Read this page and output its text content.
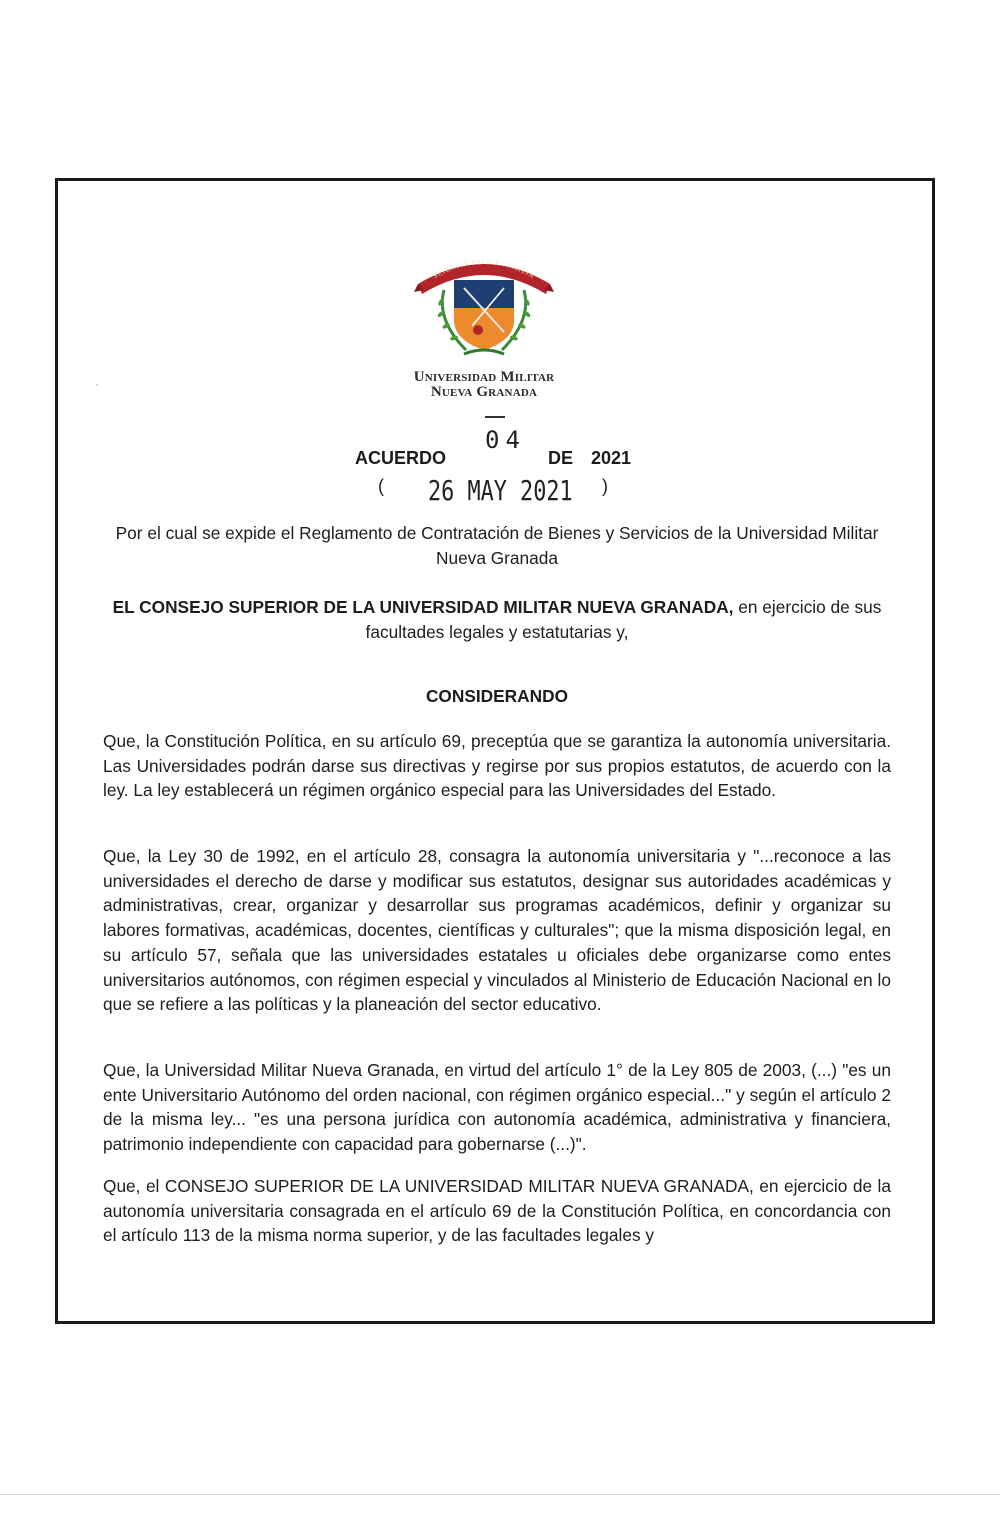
SCIENTIA PATRIA FAMILIA
Universidad Militar
Nueva Granada
ACUERDO
04
DE 2021
( 26 MAY 2021 )
Por el cual se expide el Reglamento de Contratación de Bienes y Servicios de la Universidad Militar Nueva Granada
EL CONSEJO SUPERIOR DE LA UNIVERSIDAD MILITAR NUEVA GRANADA, en ejercicio de sus facultades legales y estatutarias y,
CONSIDERANDO
Que, la Constitución Política, en su artículo 69, preceptúa que se garantiza la autonomía universitaria. Las Universidades podrán darse sus directivas y regirse por sus propios estatutos, de acuerdo con la ley. La ley establecerá un régimen orgánico especial para las Universidades del Estado.
Que, la Ley 30 de 1992, en el artículo 28, consagra la autonomía universitaria y "...reconoce a las universidades el derecho de darse y modificar sus estatutos, designar sus autoridades académicas y administrativas, crear, organizar y desarrollar sus programas académicos, definir y organizar su labores formativas, académicas, docentes, científicas y culturales"; que la misma disposición legal, en su artículo 57, señala que las universidades estatales u oficiales debe organizarse como entes universitarios autónomos, con régimen especial y vinculados al Ministerio de Educación Nacional en lo que se refiere a las políticas y la planeación del sector educativo.
Que, la Universidad Militar Nueva Granada, en virtud del artículo 1° de la Ley 805 de 2003, (...) "es un ente Universitario Autónomo del orden nacional, con régimen orgánico especial..." y según el artículo 2 de la misma ley... "es una persona jurídica con autonomía académica, administrativa y financiera, patrimonio independiente con capacidad para gobernarse (...)".
Que, el CONSEJO SUPERIOR DE LA UNIVERSIDAD MILITAR NUEVA GRANADA, en ejercicio de la autonomía universitaria consagrada en el artículo 69 de la Constitución Política, en concordancia con el artículo 113 de la misma norma superior, y de las facultades legales y
